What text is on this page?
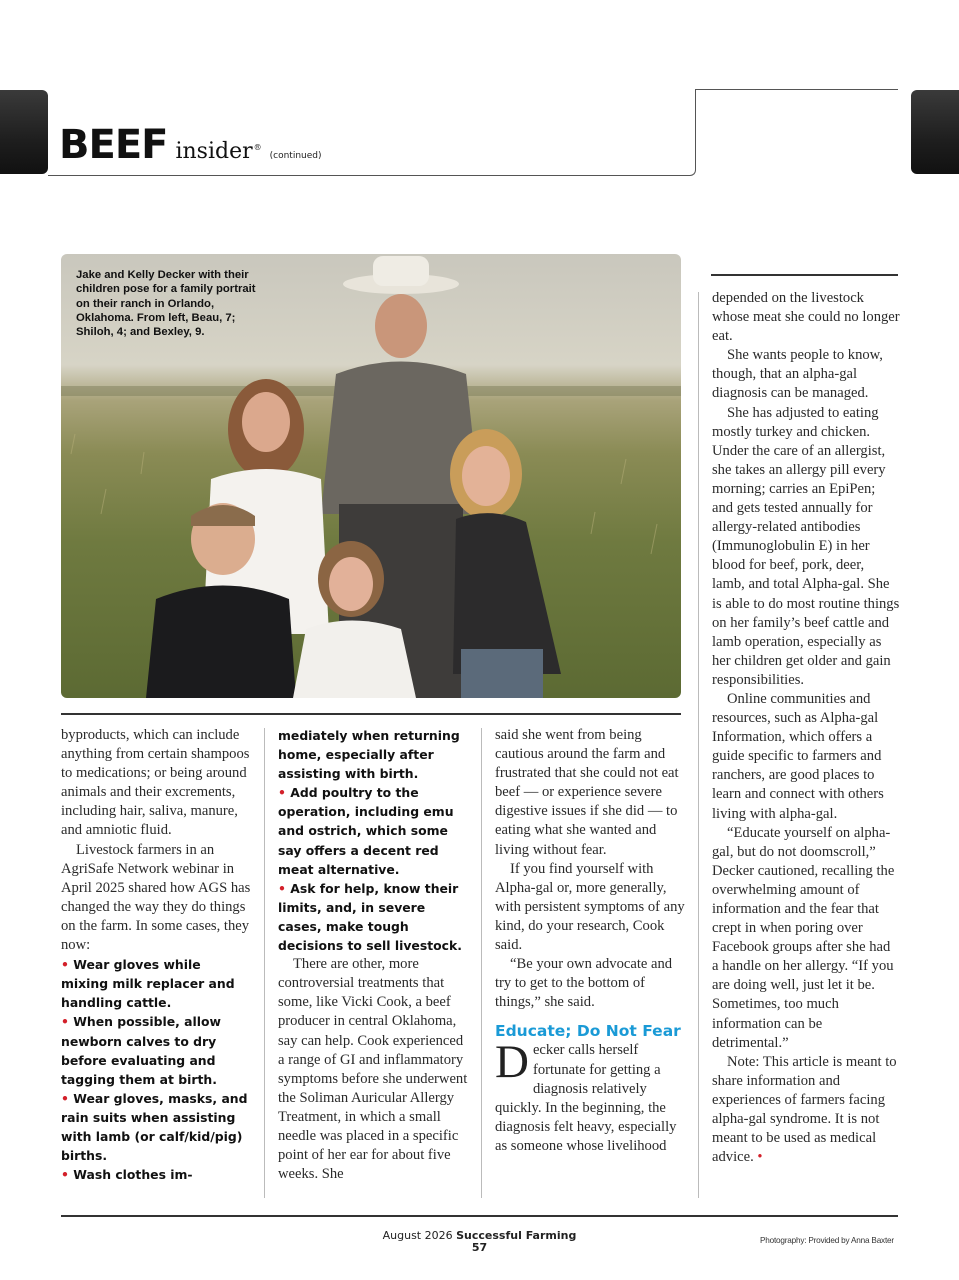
BEEF insider®
(continued)
Jake and Kelly Decker with their children pose for a family portrait on their ranch in Orlando, Oklahoma. From left, Beau, 7; Shiloh, 4; and Bexley, 9.

byproducts, which can include anything from certain shampoos to medications; or being around animals and their excrements, including hair, saliva, manure, and amniotic fluid.

Livestock farmers in an AgriSafe Network webinar in April 2025 shared how AGS has changed the way they do things on the farm. In some cases, they now:

• Wear gloves while mixing milk replacer and handling cattle.
• When possible, allow newborn calves to dry before evaluating and tagging them at birth.
• Wear gloves, masks, and rain suits when assisting with lamb (or calf/kid/pig) births.
• Wash clothes im-
mediately when returning home, especially after assisting with birth.
• Add poultry to the operation, including emu and ostrich, which some say offers a decent red meat alternative.
• Ask for help, know their limits, and, in severe cases, make tough decisions to sell livestock.

There are other, more controversial treatments that some, like Vicki Cook, a beef producer in central Oklahoma, say can help. Cook experienced a range of GI and inflammatory symptoms before she underwent the Soliman Auricular Allergy Treatment, in which a small needle was placed in a specific point of her ear for about five weeks. She

said she went from being cautious around the farm and frustrated that she could not eat beef — or experience severe digestive issues if she did — to eating what she wanted and living without fear.

If you find yourself with Alpha-gal or, more generally, with persistent symptoms of any kind, do your research, Cook said.

“Be your own advocate and try to get to the bottom of things,” she said.

Educate; Do Not Fear

Decker calls herself fortunate for getting a diagnosis relatively quickly. In the beginning, the diagnosis felt heavy, especially as someone whose livelihood

depended on the livestock whose meat she could no longer eat.

She wants people to know, though, that an alpha-gal diagnosis can be managed.

She has adjusted to eating mostly turkey and chicken. Under the care of an allergist, she takes an allergy pill every morning; carries an EpiPen; and gets tested annually for allergy-related antibodies (Immunoglobulin E) in her blood for beef, pork, deer, lamb, and total Alpha-gal. She is able to do most routine things on her family’s beef cattle and lamb operation, especially as her children get older and gain responsibilities.

Online communities and resources, such as Alpha-gal Information, which offers a guide specific to farmers and ranchers, are good places to learn and connect with others living with alpha-gal.

“Educate yourself on alpha-gal, but do not doomscroll,” Decker cautioned, recalling the overwhelming amount of information and the fear that crept in when poring over Facebook groups after she had a handle on her allergy. “If you are doing well, just let it be. Sometimes, too much information can be detrimental.”

Note: This article is meant to share information and experiences of farmers facing alpha-gal syndrome. It is not meant to be used as medical advice. •

August 2026 Successful Farming
57
Photography: Provided by Anna Baxter
